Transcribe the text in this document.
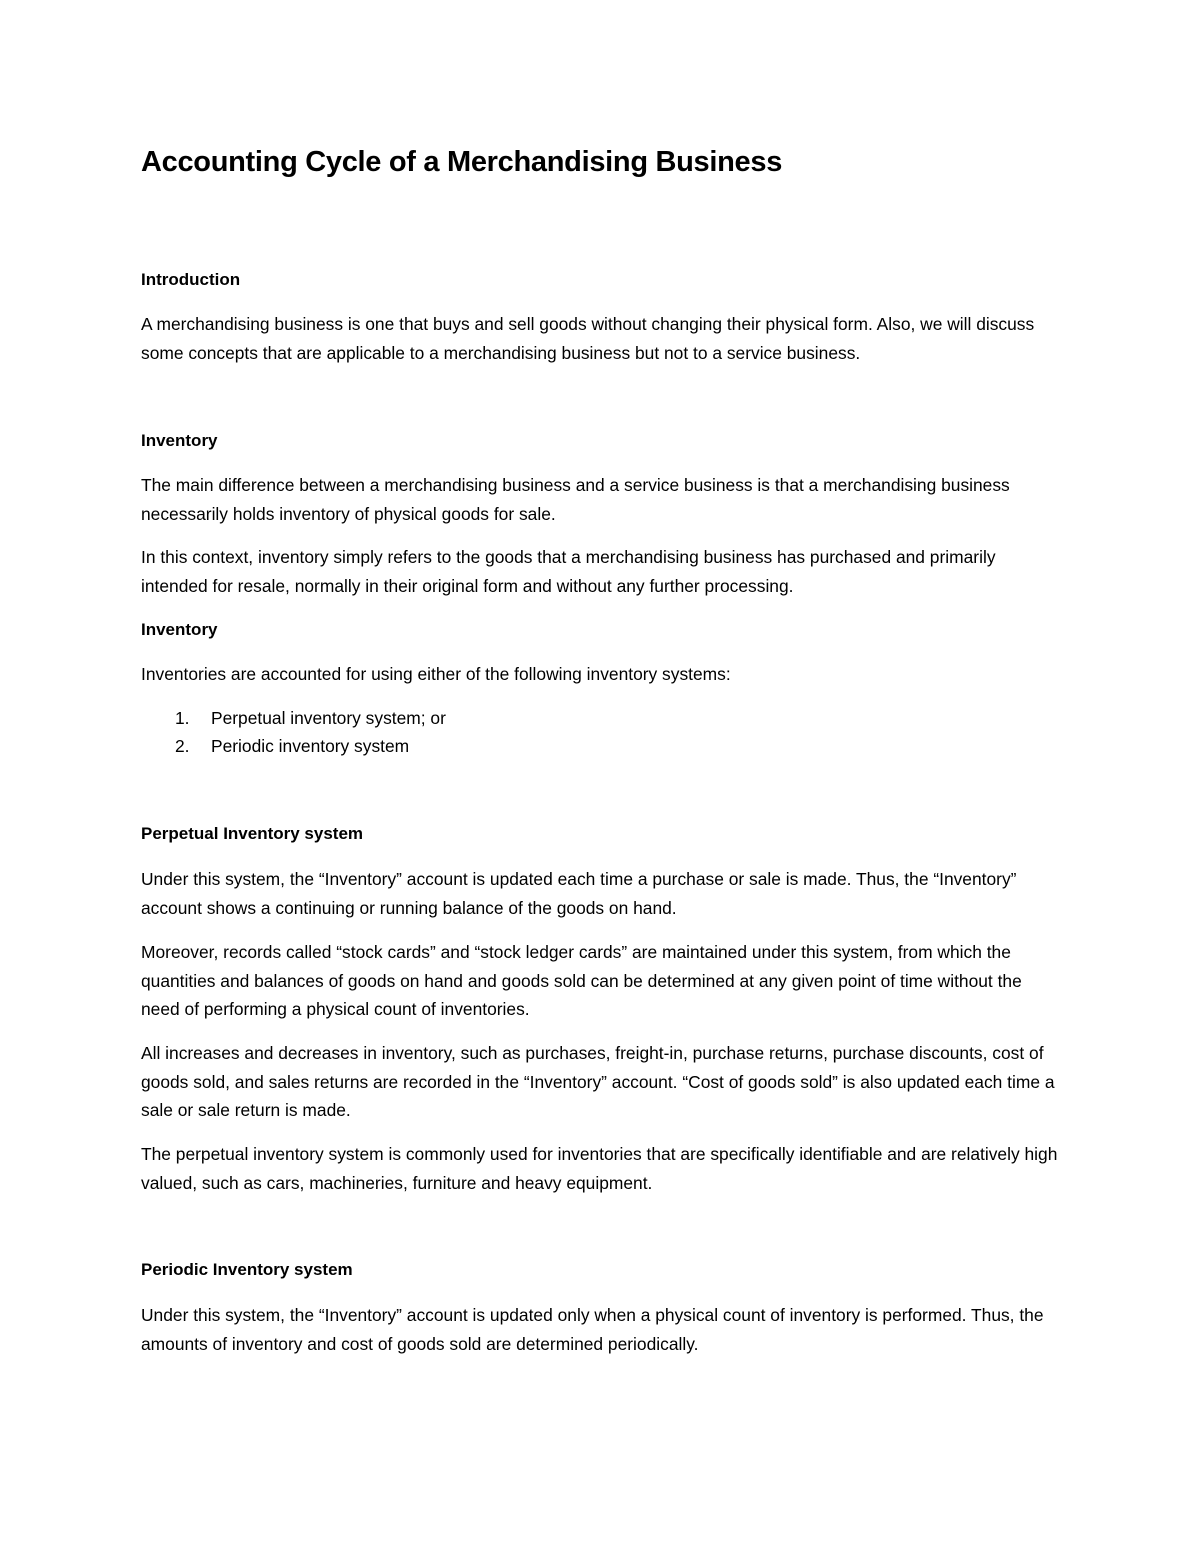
Accounting Cycle of a Merchandising Business
Introduction

A merchandising business is one that buys and sell goods without changing their physical form. Also, we will discuss some concepts that are applicable to a merchandising business but not to a service business.

Inventory

The main difference between a merchandising business and a service business is that a merchandising business necessarily holds inventory of physical goods for sale.

In this context, inventory simply refers to the goods that a merchandising business has purchased and primarily intended for resale, normally in their original form and without any further processing.

Inventory

Inventories are accounted for using either of the following inventory systems:

1. Perpetual inventory system; or
2. Periodic inventory system
Perpetual Inventory system

Under this system, the “Inventory” account is updated each time a purchase or sale is made. Thus, the “Inventory” account shows a continuing or running balance of the goods on hand.

Moreover, records called “stock cards” and “stock ledger cards” are maintained under this system, from which the quantities and balances of goods on hand and goods sold can be determined at any given point of time without the need of performing a physical count of inventories.

All increases and decreases in inventory, such as purchases, freight-in, purchase returns, purchase discounts, cost of goods sold, and sales returns are recorded in the “Inventory” account. “Cost of goods sold” is also updated each time a sale or sale return is made.

The perpetual inventory system is commonly used for inventories that are specifically identifiable and are relatively high valued, such as cars, machineries, furniture and heavy equipment.

Periodic Inventory system

Under this system, the “Inventory” account is updated only when a physical count of inventory is performed. Thus, the amounts of inventory and cost of goods sold are determined periodically.
